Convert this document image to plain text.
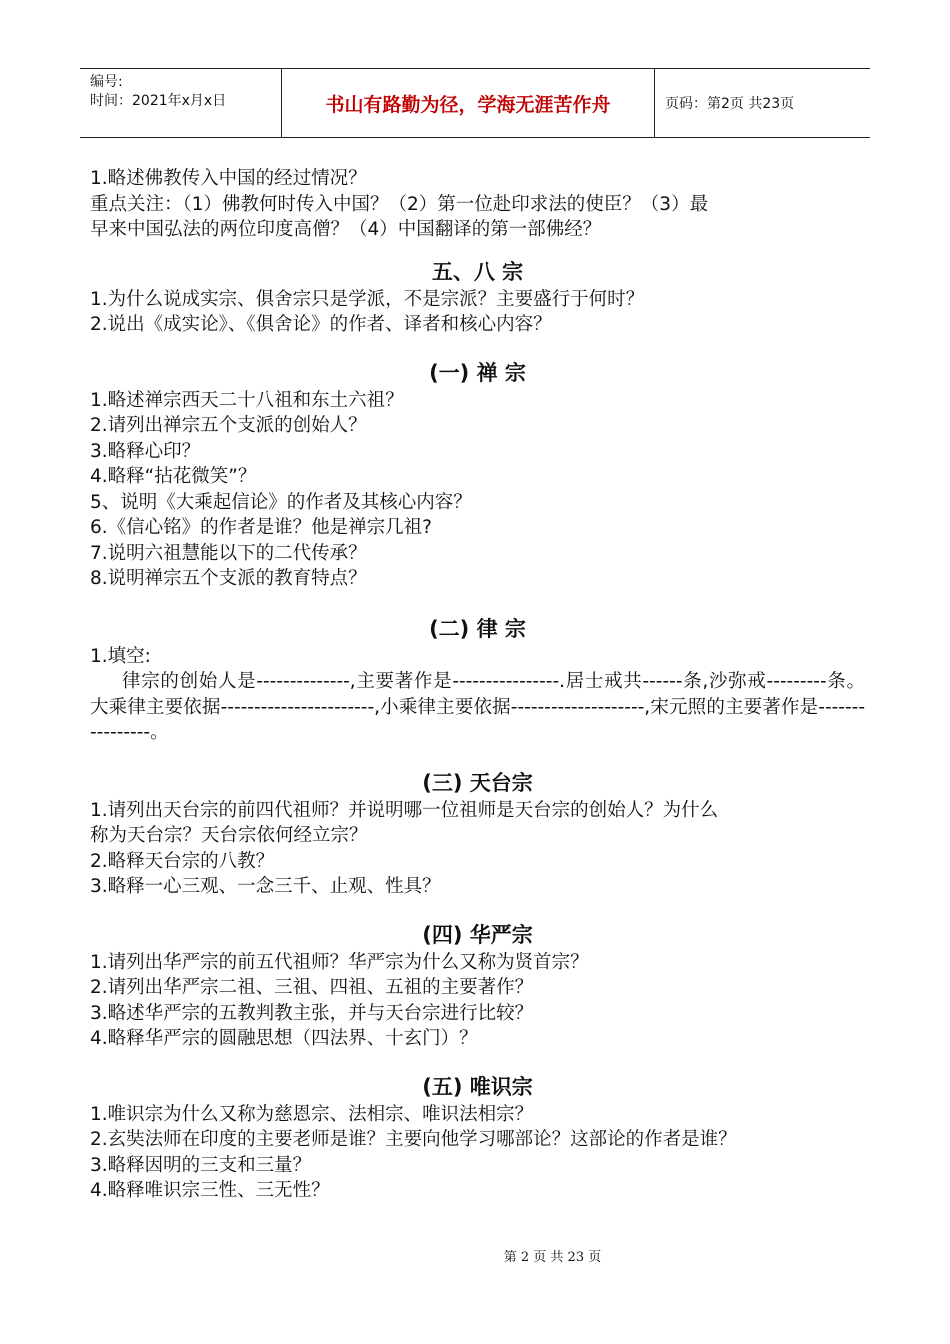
编号:
时间：2021年x月x日	书山有路勤为径，学海无涯苦作舟	页码：第2页 共23页
1.略述佛教传入中国的经过情况？
重点关注：（1）佛教何时传入中国？（2）第一位赴印求法的使臣？（3）最
早来中国弘法的两位印度高僧？（4）中国翻译的第一部佛经？
五、八 宗
1.为什么说成实宗、俱舍宗只是学派，不是宗派？主要盛行于何时？
2.说出《成实论》、《俱舍论》的作者、译者和核心内容？
(一) 禅 宗
1.略述禅宗西天二十八祖和东土六祖？
2.请列出禅宗五个支派的创始人？
3.略释心印？
4.略释“拈花微笑”？
5、说明《大乘起信论》的作者及其核心内容？
6.《信心铭》的作者是谁？他是禅宗几祖?
7.说明六祖慧能以下的二代传承？
8.说明禅宗五个支派的教育特点？
(二) 律 宗
1.填空:
律宗的创始人是--------------,主要著作是----------------.居士戒共------条,沙弥戒---------条。大乘律主要依据-----------------------,小乘律主要依据--------------------,宋元照的主要著作是----------------。
(三) 天台宗
1.请列出天台宗的前四代祖师？并说明哪一位祖师是天台宗的创始人？为什么
称为天台宗？天台宗依何经立宗？
2.略释天台宗的八教？
3.略释一心三观、一念三千、止观、性具？
(四) 华严宗
1.请列出华严宗的前五代祖师？华严宗为什么又称为贤首宗？
2.请列出华严宗二祖、三祖、四祖、五祖的主要著作？
3.略述华严宗的五教判教主张，并与天台宗进行比较？
4.略释华严宗的圆融思想（四法界、十玄门）？
(五) 唯识宗
1.唯识宗为什么又称为慈恩宗、法相宗、唯识法相宗？
2.玄奘法师在印度的主要老师是谁？主要向他学习哪部论？这部论的作者是谁？
3.略释因明的三支和三量？
4.略释唯识宗三性、三无性？
第 2 页 共 23 页
